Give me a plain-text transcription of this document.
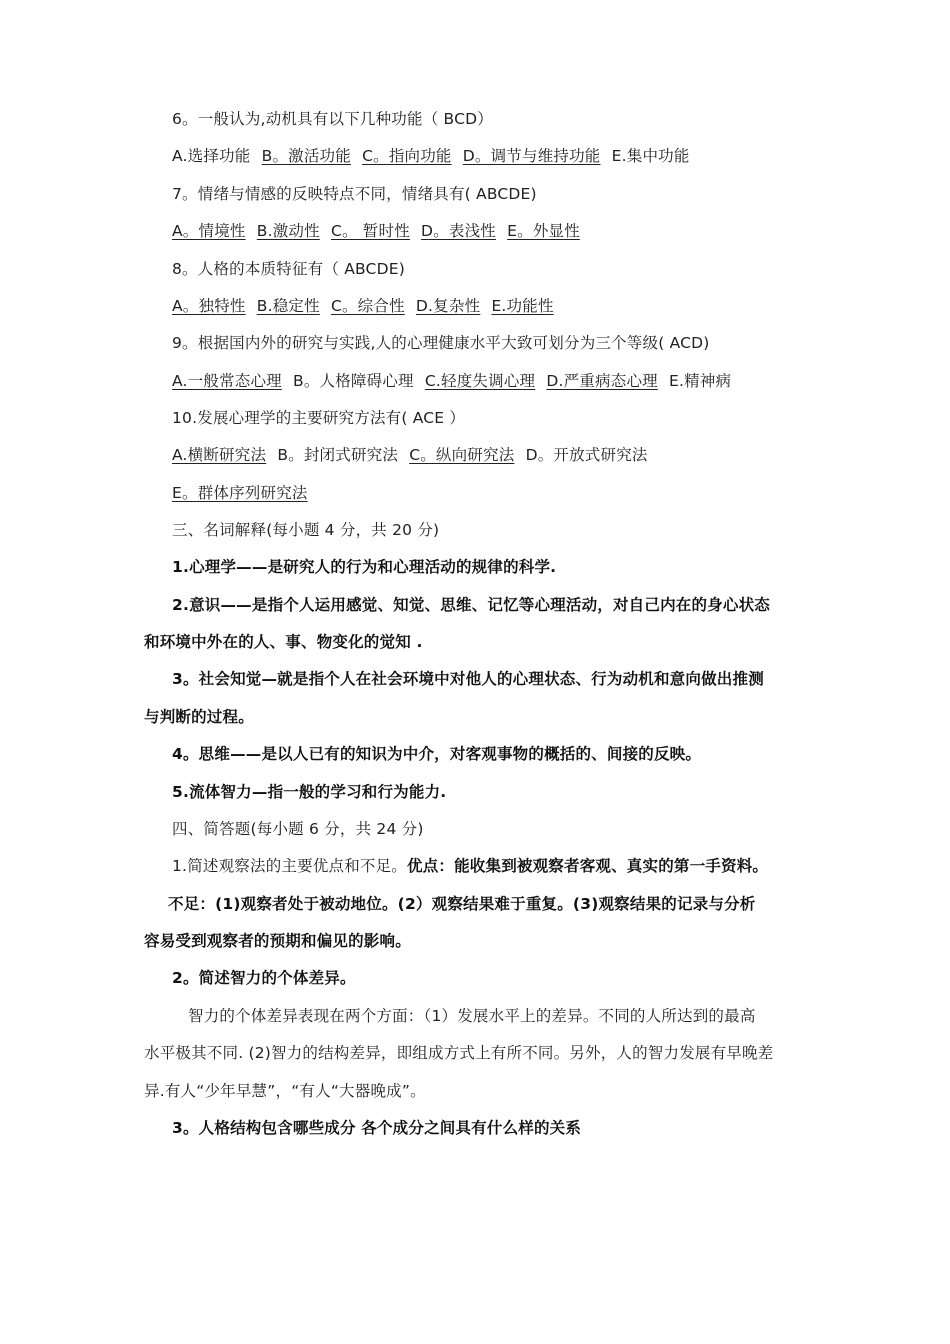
6。一般认为,动机具有以下几种功能（ BCD）
A.选择功能 B。激活功能 C。指向功能 D。调节与维持功能 E.集中功能
7。情绪与情感的反映特点不同，情绪具有( ABCDE)
A。情境性 B.激动性 C。 暂时性 D。表浅性 E。外显性
8。人格的本质特征有（ ABCDE)
A。独特性 B.稳定性 C。综合性 D.复杂性 E.功能性
9。根据国内外的研究与实践,人的心理健康水平大致可划分为三个等级( ACD)
A.一般常态心理 B。人格障碍心理 C.轻度失调心理 D.严重病态心理 E.精神病
10.发展心理学的主要研究方法有( ACE ）
A.横断研究法 B。封闭式研究法 C。纵向研究法 D。开放式研究法
E。群体序列研究法
三、名词解释(每小题 4 分，共 20 分)
1.心理学——是研究人的行为和心理活动的规律的科学.
2.意识——是指个人运用感觉、知觉、思维、记忆等心理活动，对自己内在的身心状态
和环境中外在的人、事、物变化的觉知 .
3。社会知觉—就是指个人在社会环境中对他人的心理状态、行为动机和意向做出推测
与判断的过程。
4。思维——是以人已有的知识为中介，对客观事物的概括的、间接的反映。
5.流体智力—指一般的学习和行为能力.
四、简答题(每小题 6 分，共 24 分)
1.简述观察法的主要优点和不足。优点：能收集到被观察者客观、真实的第一手资料。
不足：(1)观察者处于被动地位。(2）观察结果难于重复。(3)观察结果的记录与分析
容易受到观察者的预期和偏见的影响。
2。简述智力的个体差异。
智力的个体差异表现在两个方面：（1）发展水平上的差异。不同的人所达到的最高
水平极其不同. (2)智力的结构差异，即组成方式上有所不同。另外，人的智力发展有早晚差
异.有人“少年早慧”，“有人“大器晚成”。
3。人格结构包含哪些成分 各个成分之间具有什么样的关系
